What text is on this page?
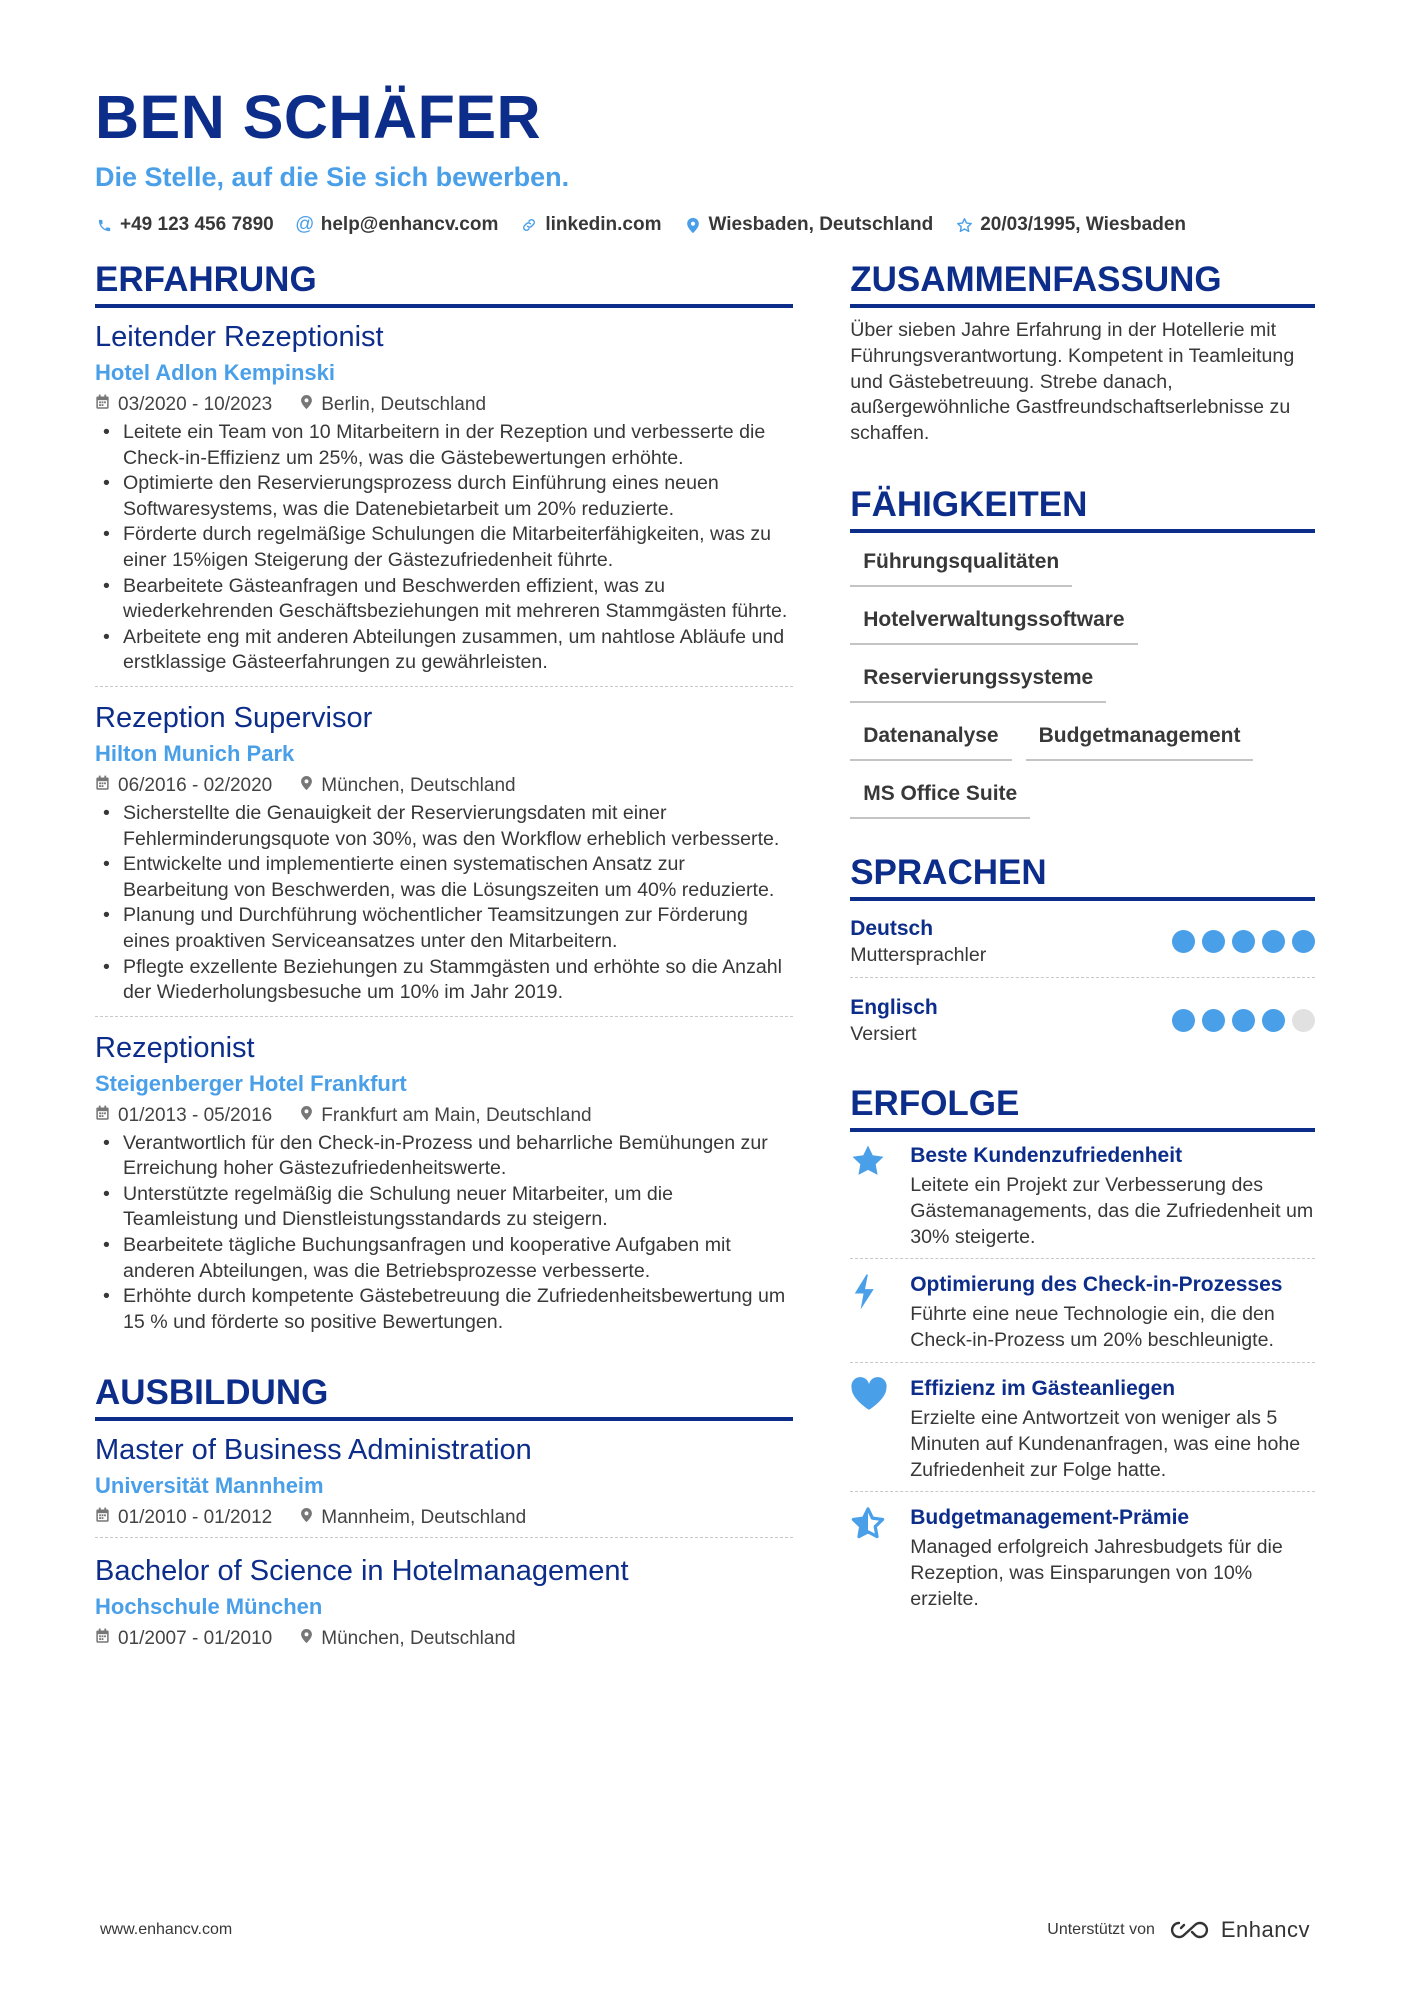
BEN SCHÄFER
Die Stelle, auf die Sie sich bewerben.
+49 123 456 7890 @ help@enhancv.com linkedin.com Wiesbaden, Deutschland 20/03/1995, Wiesbaden
ERFAHRUNG
Leitender Rezeptionist
Hotel Adlon Kempinski
03/2020 - 10/2023	Berlin, Deutschland
• Leitete ein Team von 10 Mitarbeitern in der Rezeption und verbesserte die Check-in-Effizienz um 25%, was die Gästebewertungen erhöhte.
• Optimierte den Reservierungsprozess durch Einführung eines neuen Softwaresystems, was die Datenebietarbeit um 20% reduzierte.
• Förderte durch regelmäßige Schulungen die Mitarbeiterfähigkeiten, was zu einer 15%igen Steigerung der Gästezufriedenheit führte.
• Bearbeitete Gästeanfragen und Beschwerden effizient, was zu wiederkehrenden Geschäftsbeziehungen mit mehreren Stammgästen führte.
• Arbeitete eng mit anderen Abteilungen zusammen, um nahtlose Abläufe und erstklassige Gästeerfahrungen zu gewährleisten.
Rezeption Supervisor
Hilton Munich Park
06/2016 - 02/2020	München, Deutschland
• Sicherstellte die Genauigkeit der Reservierungsdaten mit einer Fehlerminderungsquote von 30%, was den Workflow erheblich verbesserte.
• Entwickelte und implementierte einen systematischen Ansatz zur Bearbeitung von Beschwerden, was die Lösungszeiten um 40% reduzierte.
• Planung und Durchführung wöchentlicher Teamsitzungen zur Förderung eines proaktiven Serviceansatzes unter den Mitarbeitern.
• Pflegte exzellente Beziehungen zu Stammgästen und erhöhte so die Anzahl der Wiederholungsbesuche um 10% im Jahr 2019.
Rezeptionist
Steigenberger Hotel Frankfurt
01/2013 - 05/2016	Frankfurt am Main, Deutschland
• Verantwortlich für den Check-in-Prozess und beharrliche Bemühungen zur Erreichung hoher Gästezufriedenheitswerte.
• Unterstützte regelmäßig die Schulung neuer Mitarbeiter, um die Teamleistung und Dienstleistungsstandards zu steigern.
• Bearbeitete tägliche Buchungsanfragen und kooperative Aufgaben mit anderen Abteilungen, was die Betriebsprozesse verbesserte.
• Erhöhte durch kompetente Gästebetreuung die Zufriedenheitsbewertung um 15 % und förderte so positive Bewertungen.
AUSBILDUNG
Master of Business Administration
Universität Mannheim
01/2010 - 01/2012	Mannheim, Deutschland
Bachelor of Science in Hotelmanagement
Hochschule München
01/2007 - 01/2010	München, Deutschland
ZUSAMMENFASSUNG
Über sieben Jahre Erfahrung in der Hotellerie mit Führungsverantwortung. Kompetent in Teamleitung und Gästebetreuung. Strebe danach, außergewöhnliche Gastfreundschaftserlebnisse zu schaffen.
FÄHIGKEITEN
Führungsqualitäten
Hotelverwaltungssoftware
Reservierungssysteme
Datenanalyse	Budgetmanagement
MS Office Suite
SPRACHEN
Deutsch
Muttersprachler
Englisch
Versiert
ERFOLGE
Beste Kundenzufriedenheit
Leitete ein Projekt zur Verbesserung des Gästemanagements, das die Zufriedenheit um 30% steigerte.
Optimierung des Check-in-Prozesses
Führte eine neue Technologie ein, die den Check-in-Prozess um 20% beschleunigte.
Effizienz im Gästeanliegen
Erzielte eine Antwortzeit von weniger als 5 Minuten auf Kundenanfragen, was eine hohe Zufriedenheit zur Folge hatte.
Budgetmanagement-Prämie
Managed erfolgreich Jahresbudgets für die Rezeption, was Einsparungen von 10% erzielte.
www.enhancv.com	Unterstützt von	Enhancv
